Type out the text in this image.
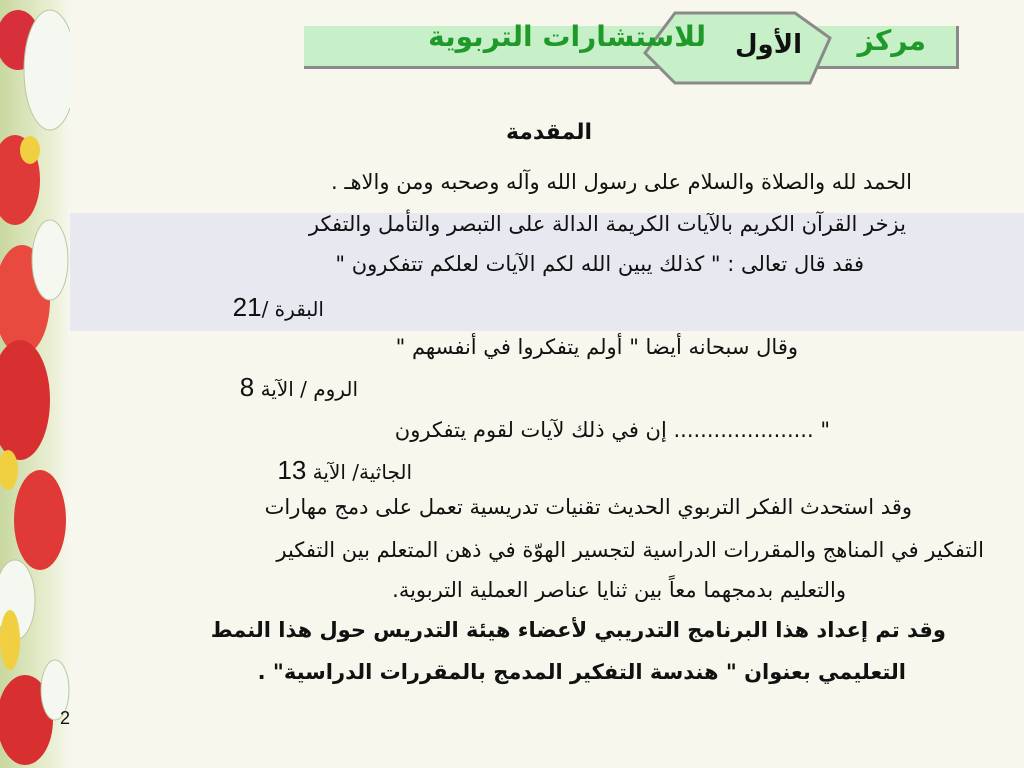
للاستشارات التربوية الأول مركز
المقدمة
الحمد لله والصلاة والسلام على رسول الله وآله وصحبه ومن والاهـ .
يزخر القرآن الكريم بالآيات الكريمة الدالة على التبصر والتأمل والتفكر
فقد قال تعالى : " كذلك يبين الله لكم الآيات لعلكم تتفكرون "
البقرة /21
وقال سبحانه أيضا " أولم يتفكروا في أنفسهم "
الروم / الآية 8
" ..................... إن في ذلك لآيات لقوم يتفكرون
الجاثية/ الآية 13
وقد استحدث الفكر التربوي الحديث تقنيات تدريسية تعمل على دمج مهارات
التفكير في المناهج والمقررات الدراسية لتجسير الهوّة في ذهن المتعلم بين التفكير
والتعليم بدمجهما معاً بين ثنايا عناصر العملية التربوية.
وقد تم إعداد هذا البرنامج التدريبي لأعضاء هيئة التدريس حول هذا النمط
التعليمي بعنوان " هندسة التفكير المدمج بالمقررات الدراسية" .
2
